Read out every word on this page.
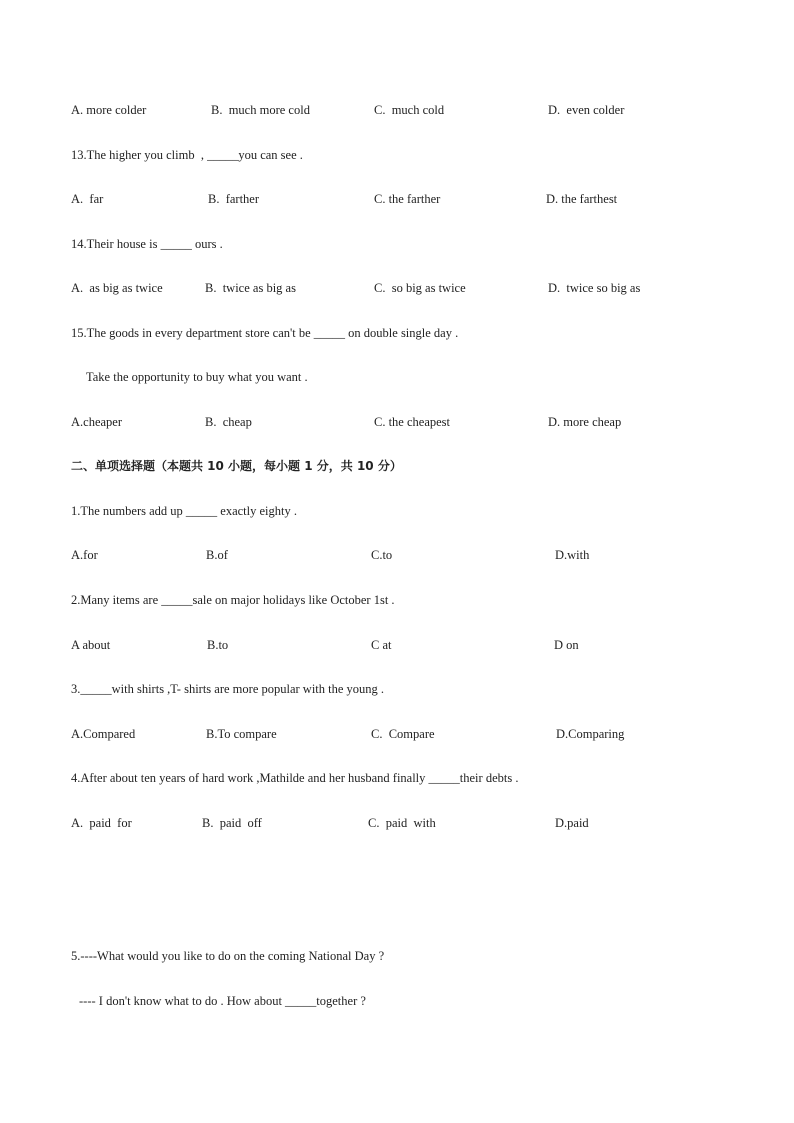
A. more colder	B.  much more cold	C.  much cold	D.  even colder
13.The higher you climb  , _____you can see .
A.  far	B.  farther	C. the farther	D. the farthest
14.Their house is _____ ours .
A.  as big as twice	B.  twice as big as	C.  so big as twice	D.  twice so big as
15.The goods in every department store can't be _____ on double single day .
Take the opportunity to buy what you want .
A.cheaper	B.  cheap	C. the cheapest	D. more cheap
二、单项选择题（本题共 10 小题，每小题 1 分，共 10 分）
1.The numbers add up _____ exactly eighty .
A.for	B.of	C.to	D.with
2.Many items are _____sale on major holidays like October 1st .
A about	B.to	C at	D on
3._____with shirts ,T- shirts are more popular with the young .
A.Compared	B.To compare	C.  Compare	D.Comparing
4.After about ten years of hard work ,Mathilde and her husband finally _____their debts .
A.  paid  for	B.  paid  off	C.  paid  with	D.paid
5.----What would you like to do on the coming National Day ?
---- I don't know what to do . How about _____together ?
